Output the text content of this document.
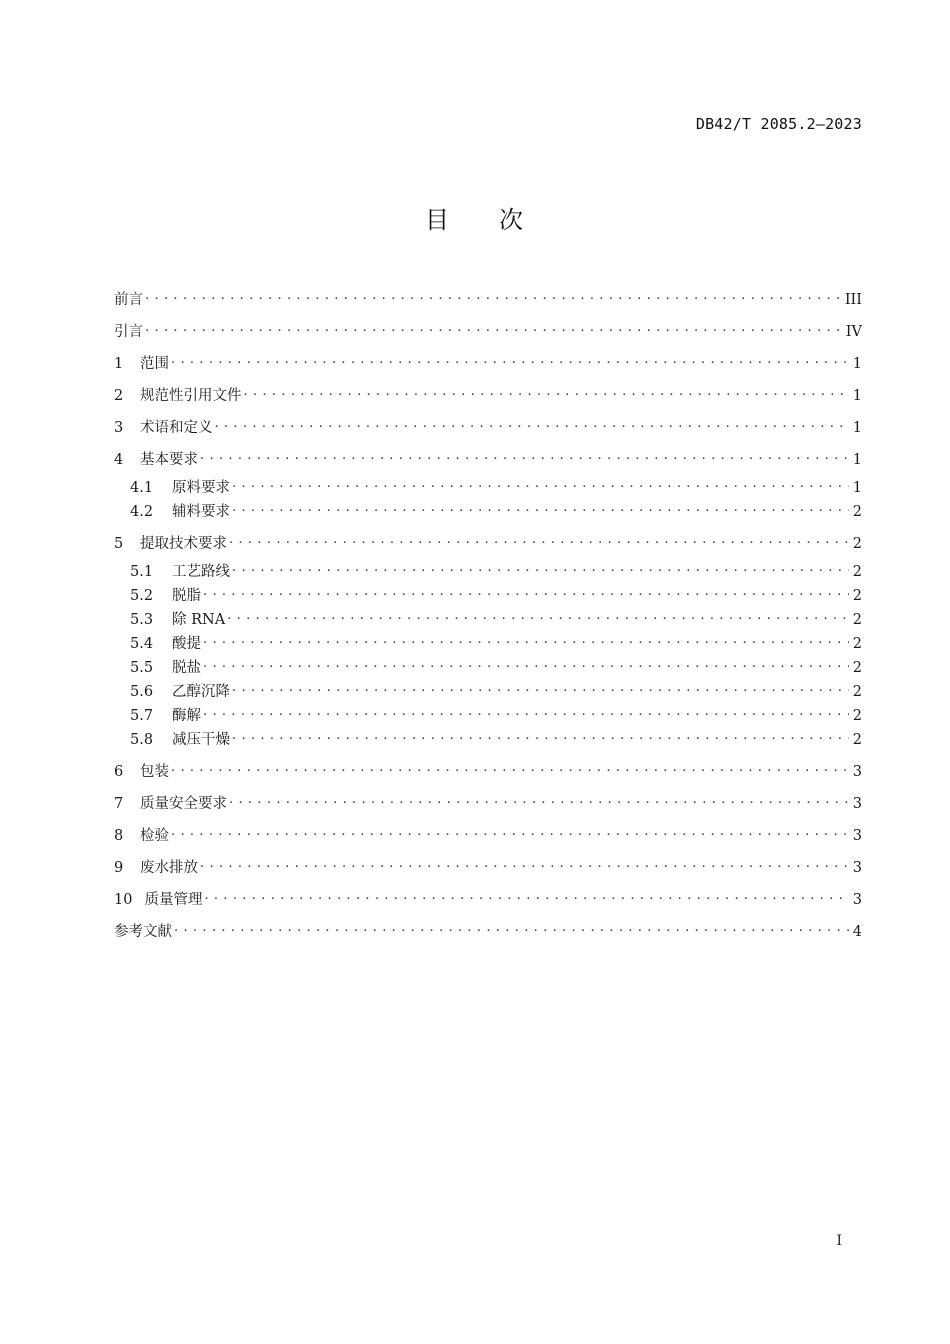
DB42/T 2085.2—2023
目 次
前言 . . .	III
引言 . . .	IV
1	范围 . . .	1
2	规范性引用文件 . . .	1
3	术语和定义 . . .	1
4	基本要求 . . .	1
4.1	原料要求 . . .	1
4.2	辅料要求 . . .	2
5	提取技术要求 . . .	2
5.1	工艺路线 . . .	2
5.2	脱脂 . . .	2
5.3	除 RNA . . .	2
5.4	酸提 . . .	2
5.5	脱盐 . . .	2
5.6	乙醇沉降 . . .	2
5.7	酶解 . . .	2
5.8	减压干燥 . . .	2
6	包装 . . .	3
7	质量安全要求 . . .	3
8	检验 . . .	3
9	废水排放 . . .	3
10 质量管理 . . .	3
参考文献 . . .	4
I
